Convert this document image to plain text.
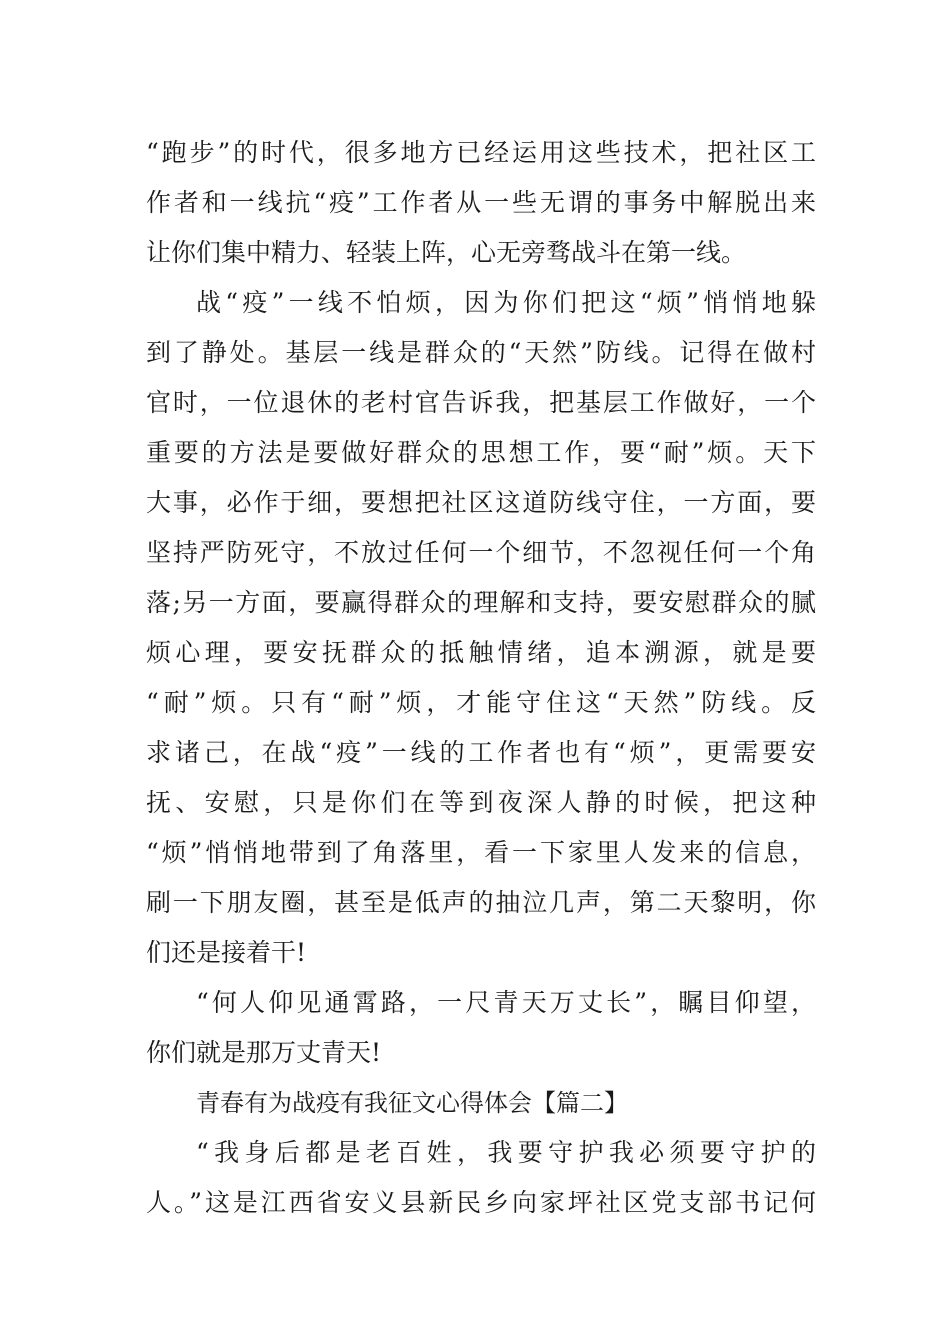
“跑步”的时代，很多地方已经运用这些技术，把社区工
作者和一线抗“疫”工作者从一些无谓的事务中解脱出来
让你们集中精力、轻装上阵，心无旁骛战斗在第一线。
战“疫”一线不怕烦，因为你们把这“烦”悄悄地躲
到了静处。基层一线是群众的“天然”防线。记得在做村
官时，一位退休的老村官告诉我，把基层工作做好，一个
重要的方法是要做好群众的思想工作，要“耐”烦。天下
大事，必作于细，要想把社区这道防线守住，一方面，要
坚持严防死守，不放过任何一个细节，不忽视任何一个角
落;另一方面，要赢得群众的理解和支持，要安慰群众的腻
烦心理，要安抚群众的抵触情绪，追本溯源，就是要
“耐”烦。只有“耐”烦，才能守住这“天然”防线。反
求诸己，在战“疫”一线的工作者也有“烦”，更需要安
抚、安慰，只是你们在等到夜深人静的时候，把这种
“烦”悄悄地带到了角落里，看一下家里人发来的信息，
刷一下朋友圈，甚至是低声的抽泣几声，第二天黎明，你
们还是接着干!
“何人仰见通霄路，一尺青天万丈长”，瞩目仰望，
你们就是那万丈青天!
青春有为战疫有我征文心得体会【篇二】
“我身后都是老百姓，我要守护我必须要守护的
人。”这是江西省安义县新民乡向家坪社区党支部书记何
